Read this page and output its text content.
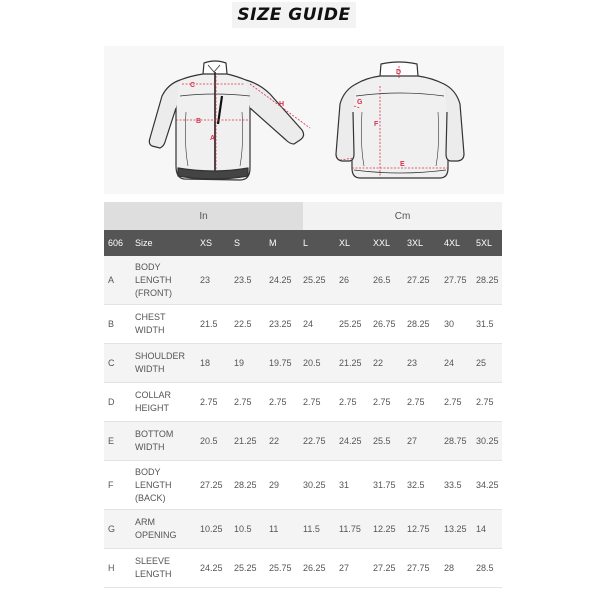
SIZE GUIDE
C
H
B
A
D
G
F
E
In	Cm
606	Size	XS	S	M	L	XL	XXL	3XL	4XL	5XL
A
BODY
LENGTH
(FRONT)
23	23.5	24.25	25.25	26	26.5	27.25	27.75	28.25
B
CHEST
WIDTH
21.5	22.5	23.25	24	25.25	26.75	28.25	30	31.5
C
SHOULDER
WIDTH
18	19	19.75	20.5	21.25	22	23	24	25
D
COLLAR
HEIGHT
2.75	2.75	2.75	2.75	2.75	2.75	2.75	2.75	2.75
E
BOTTOM
WIDTH
20.5	21.25	22	22.75	24.25	25.5	27	28.75	30.25
F
BODY
LENGTH
(BACK)
27.25	28.25	29	30.25	31	31.75	32.5	33.5	34.25
G
ARM
OPENING
10.25	10.5	11	11.5	11.75	12.25	12.75	13.25	14
H
SLEEVE
LENGTH
24.25	25.25	25.75	26.25	27	27.25	27.75	28	28.5
